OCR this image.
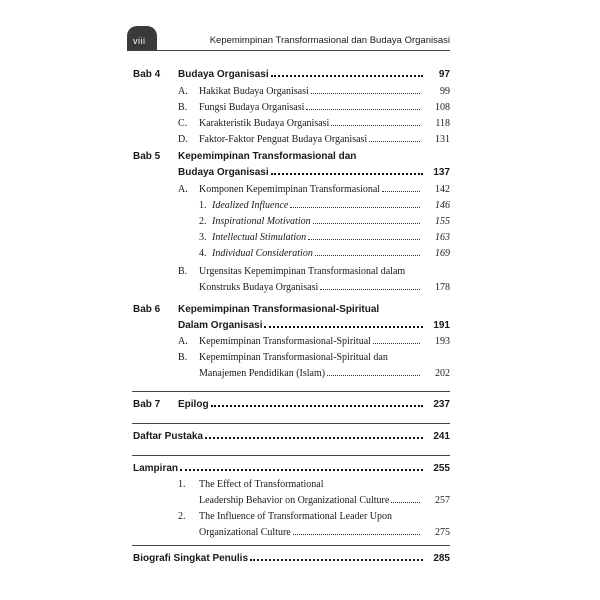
viii	Kepemimpinan Transformasional dan Budaya Organisasi
Bab 4 Budaya Organisasi	97
A. Hakikat Budaya Organisasi	99
B. Fungsi Budaya Organisasi	108
C. Karakteristik Budaya Organisasi	118
D. Faktor-Faktor Penguat Budaya Organisasi	131
Bab 5 Kepemimpinan Transformasional dan
Budaya Organisasi	137
A. Komponen Kepemimpinan Transformasional	142
1. Idealized Influence	146
2. Inspirational Motivation	155
3. Intellectual Stimulation	163
4. Individual Consideration	169
B. Urgensitas Kepemimpinan Transformasional dalam
Konstruks Budaya Organisasi	178
Bab 6 Kepemimpinan Transformasional-Spiritual
Dalam Organisasi	191
A. Kepemimpinan Transformasional-Spiritual	193
B. Kepemimpinan Transformasional-Spiritual dan
Manajemen Pendidikan (Islam)	202
Bab 7 Epilog	237
Daftar Pustaka	241
Lampiran	255
1. The Effect of Transformational
Leadership Behavior on Organizational Culture	257
2. The Influence of Transformational Leader Upon
Organizational Culture	275
Biografi Singkat Penulis	285
